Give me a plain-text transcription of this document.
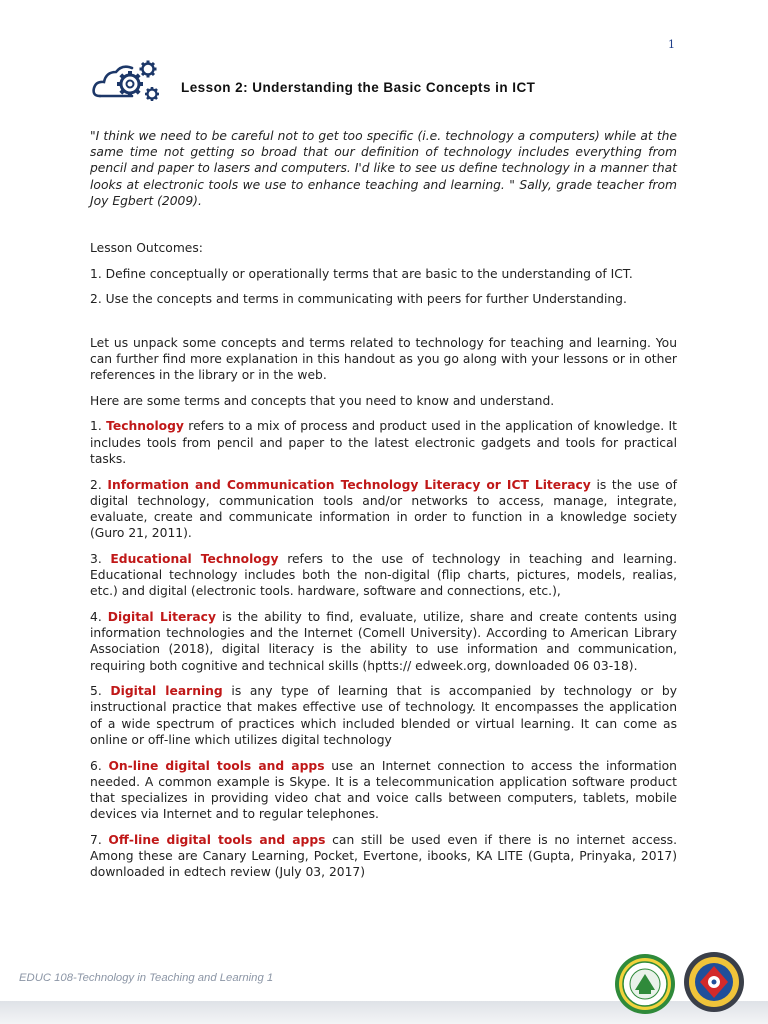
1
Lesson 2: Understanding the Basic Concepts in ICT

"I think we need to be careful not to get too specific (i.e. technology a computers) while at the same time not getting so broad that our definition of technology includes everything from pencil and paper to lasers and computers. I'd like to see us define technology in a manner that looks at electronic tools we use to enhance teaching and learning. " Sally, grade teacher from Joy Egbert (2009).

Lesson Outcomes:

1. Define conceptually or operationally terms that are basic to the understanding of ICT.

2. Use the concepts and terms in communicating with peers for further Understanding.

Let us unpack some concepts and terms related to technology for teaching and learning. You can further find more explanation in this handout as you go along with your lessons or in other references in the library or in the web.

Here are some terms and concepts that you need to know and understand.

1. Technology refers to a mix of process and product used in the application of knowledge. It includes tools from pencil and paper to the latest electronic gadgets and tools for practical tasks.

2. Information and Communication Technology Literacy or ICT Literacy is the use of digital technology, communication tools and/or networks to access, manage, integrate, evaluate, create and communicate information in order to function in a knowledge society (Guro 21, 2011).

3. Educational Technology refers to the use of technology in teaching and learning. Educational technology includes both the non-digital (flip charts, pictures, models, realias, etc.) and digital (electronic tools. hardware, software and connections, etc.),

4. Digital Literacy is the ability to find, evaluate, utilize, share and create contents using information technologies and the Internet (Comell University). According to American Library Association (2018), digital literacy is the ability to use information and communication, requiring both cognitive and technical skills (hptts:// edweek.org, downloaded 06 03-18).

5. Digital learning is any type of learning that is accompanied by technology or by instructional practice that makes effective use of technology. It encompasses the application of a wide spectrum of practices which included blended or virtual learning. It can come as online or off-line which utilizes digital technology

6. On-line digital tools and apps use an Internet connection to access the information needed. A common example is Skype. It is a telecommunication application software product that specializes in providing video chat and voice calls between computers, tablets, mobile devices via Internet and to regular telephones.

7. Off-line digital tools and apps can still be used even if there is no internet access. Among these are Canary Learning, Pocket, Evertone, ibooks, KA LITE (Gupta, Prinyaka, 2017) downloaded in edtech review (July 03, 2017)

EDUC 108-Technology in Teaching and Learning 1
